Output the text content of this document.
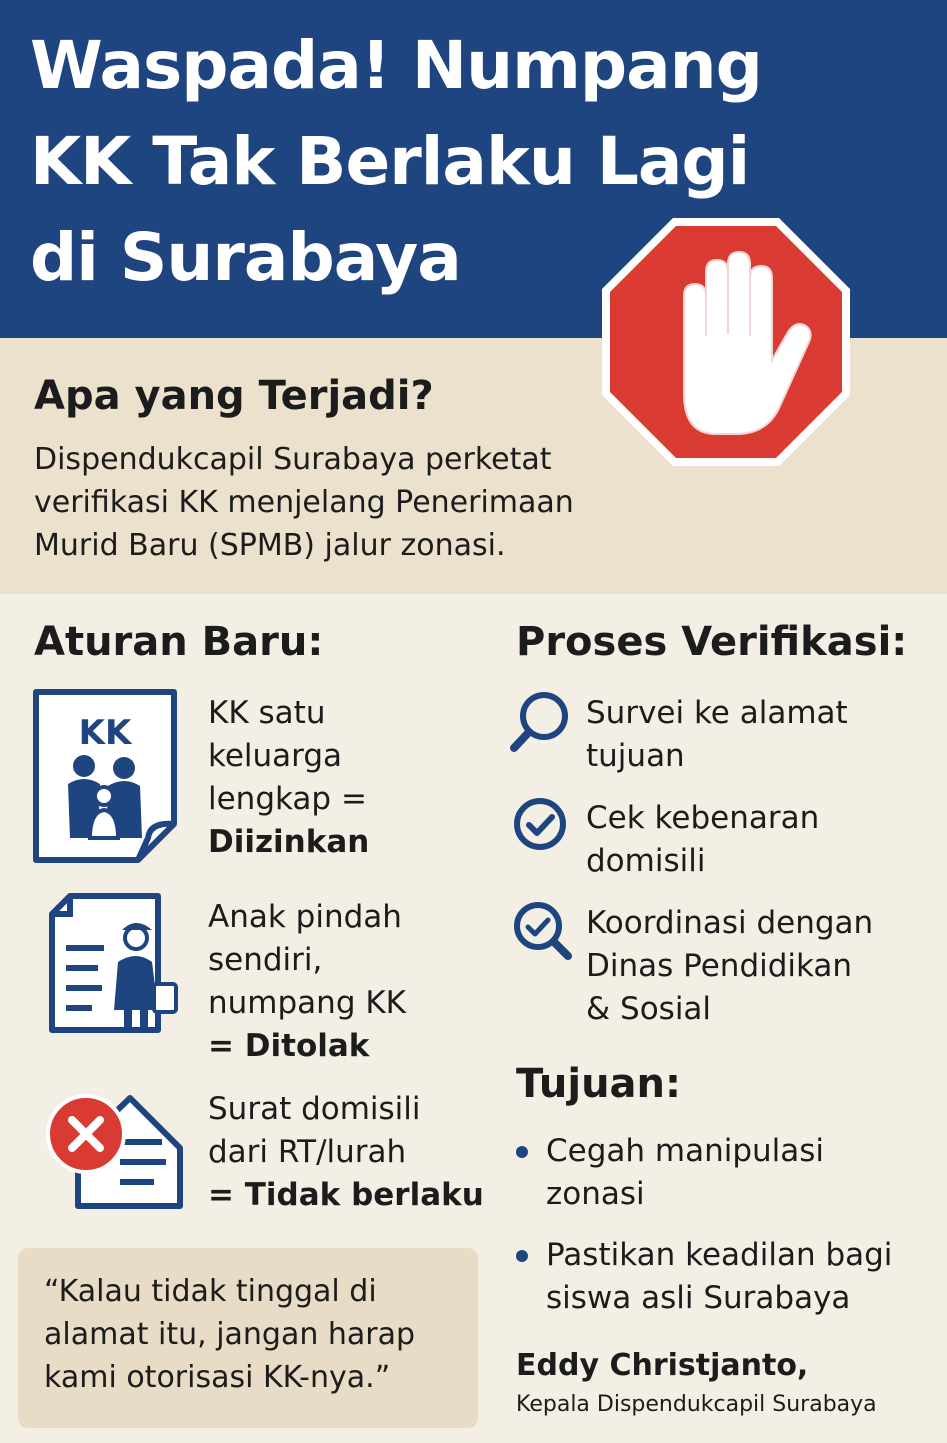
Waspada! Numpang
KK Tak Berlaku Lagi
di Surabaya
Apa yang Terjadi?
Dispendukcapil Surabaya perketat
verifikasi KK menjelang Penerimaan
Murid Baru (SPMB) jalur zonasi.
Aturan Baru:
KK KK satu
keluarga
lengkap =
Diizinkan
Anak pindah
sendiri,
numpang KK
= Ditolak
Surat domisili
dari RT/lurah
= Tidak berlaku
“Kalau tidak tinggal di
alamat itu, jangan harap
kami otorisasi KK-nya.”
Proses Verifikasi:
Survei ke alamat
tujuan
Cek kebenaran
domisili
Koordinasi dengan
Dinas Pendidikan
& Sosial
Tujuan:
Cegah manipulasi
zonasi
Pastikan keadilan bagi
siswa asli Surabaya
Eddy Christjanto,
Kepala Dispendukcapil Surabaya
